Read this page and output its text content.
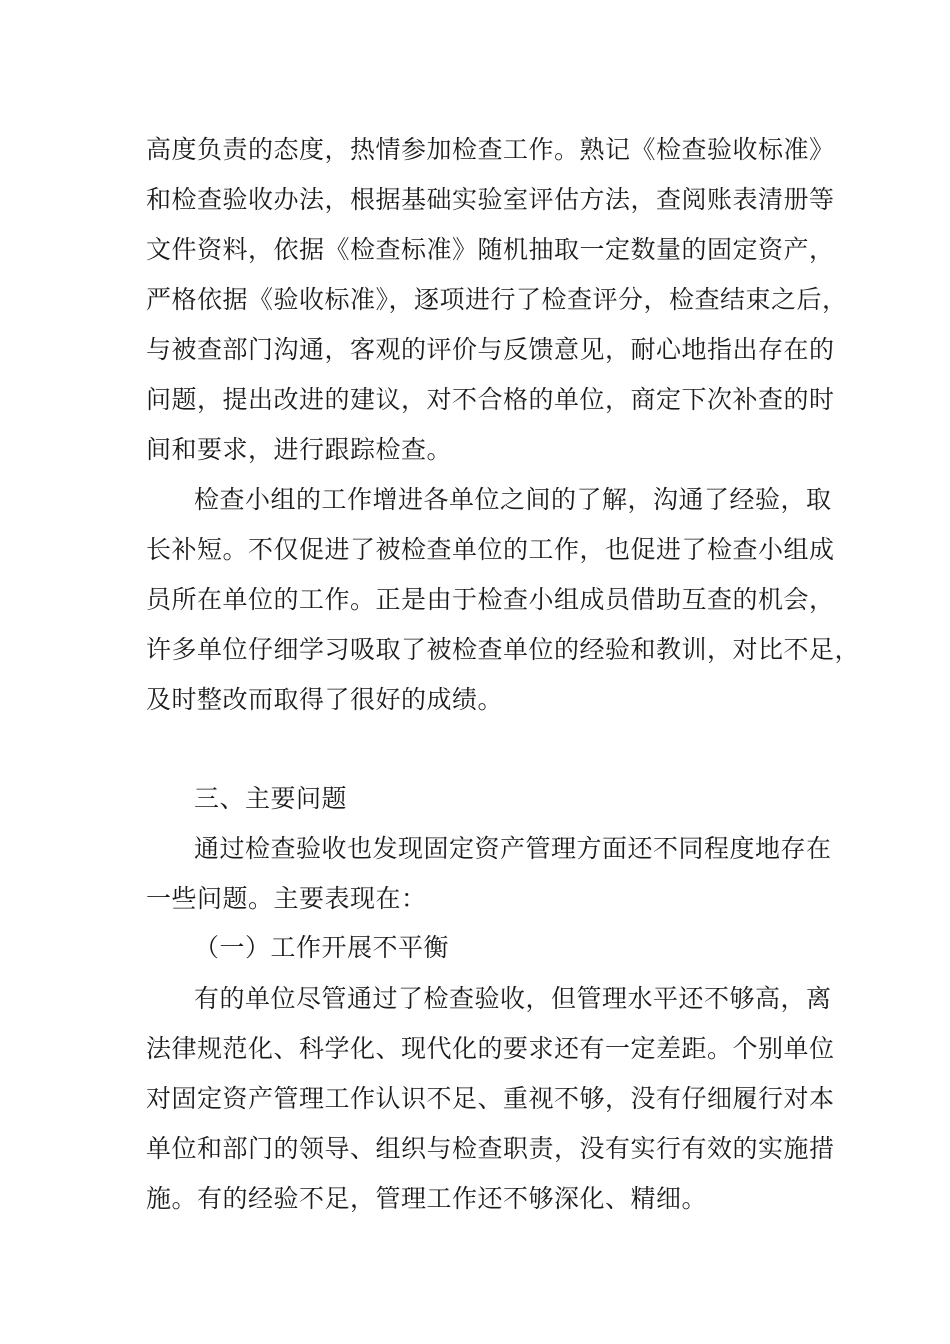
高度负责的态度，热情参加检查工作。熟记《检查验收标准》
和检查验收办法，根据基础实验室评估方法，查阅账表清册等
文件资料，依据《检查标准》随机抽取一定数量的固定资产，
严格依据《验收标准》，逐项进行了检查评分，检查结束之后，
与被查部门沟通，客观的评价与反馈意见，耐心地指出存在的
问题，提出改进的建议，对不合格的单位，商定下次补查的时
间和要求，进行跟踪检查。
检查小组的工作增进各单位之间的了解，沟通了经验，取
长补短。不仅促进了被检查单位的工作，也促进了检查小组成
员所在单位的工作。正是由于检查小组成员借助互查的机会，
许多单位仔细学习吸取了被检查单位的经验和教训，对比不足，
及时整改而取得了很好的成绩。
三、主要问题
通过检查验收也发现固定资产管理方面还不同程度地存在
一些问题。主要表现在：
（一）工作开展不平衡
有的单位尽管通过了检查验收，但管理水平还不够高，离
法律规范化、科学化、现代化的要求还有一定差距。个别单位
对固定资产管理工作认识不足、重视不够，没有仔细履行对本
单位和部门的领导、组织与检查职责，没有实行有效的实施措
施。有的经验不足，管理工作还不够深化、精细。
